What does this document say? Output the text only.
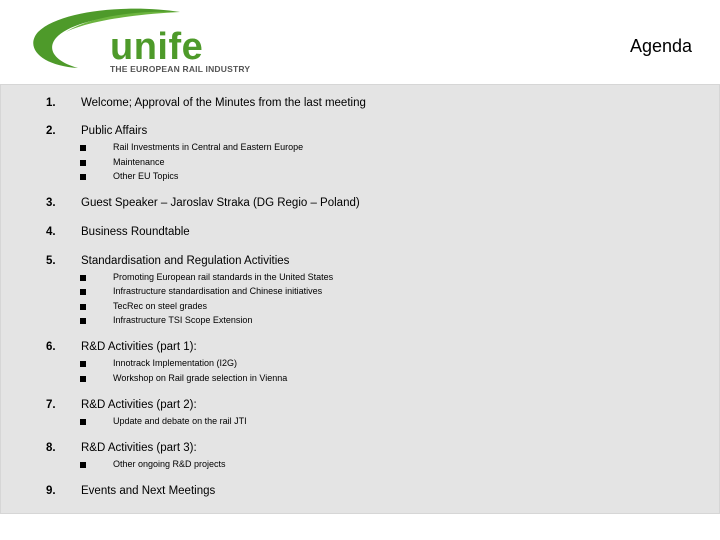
unife
THE EUROPEAN RAIL INDUSTRY
Agenda
1.	Welcome; Approval of the Minutes from the last meeting
2.	Public Affairs
Rail Investments in Central and Eastern Europe
Maintenance
Other EU Topics
3.	Guest Speaker – Jaroslav Straka (DG Regio – Poland)
4.	Business Roundtable
5.	Standardisation and Regulation Activities
Promoting European rail standards in the United States
Infrastructure standardisation and Chinese initiatives
TecRec on steel grades
Infrastructure TSI Scope Extension
6.	R&D Activities (part 1):
Innotrack Implementation (I2G)
Workshop on Rail grade selection in Vienna
7.	R&D Activities (part 2):
Update and debate on the rail JTI
8.	R&D Activities (part 3):
Other ongoing R&D projects
9.	Events and Next Meetings
